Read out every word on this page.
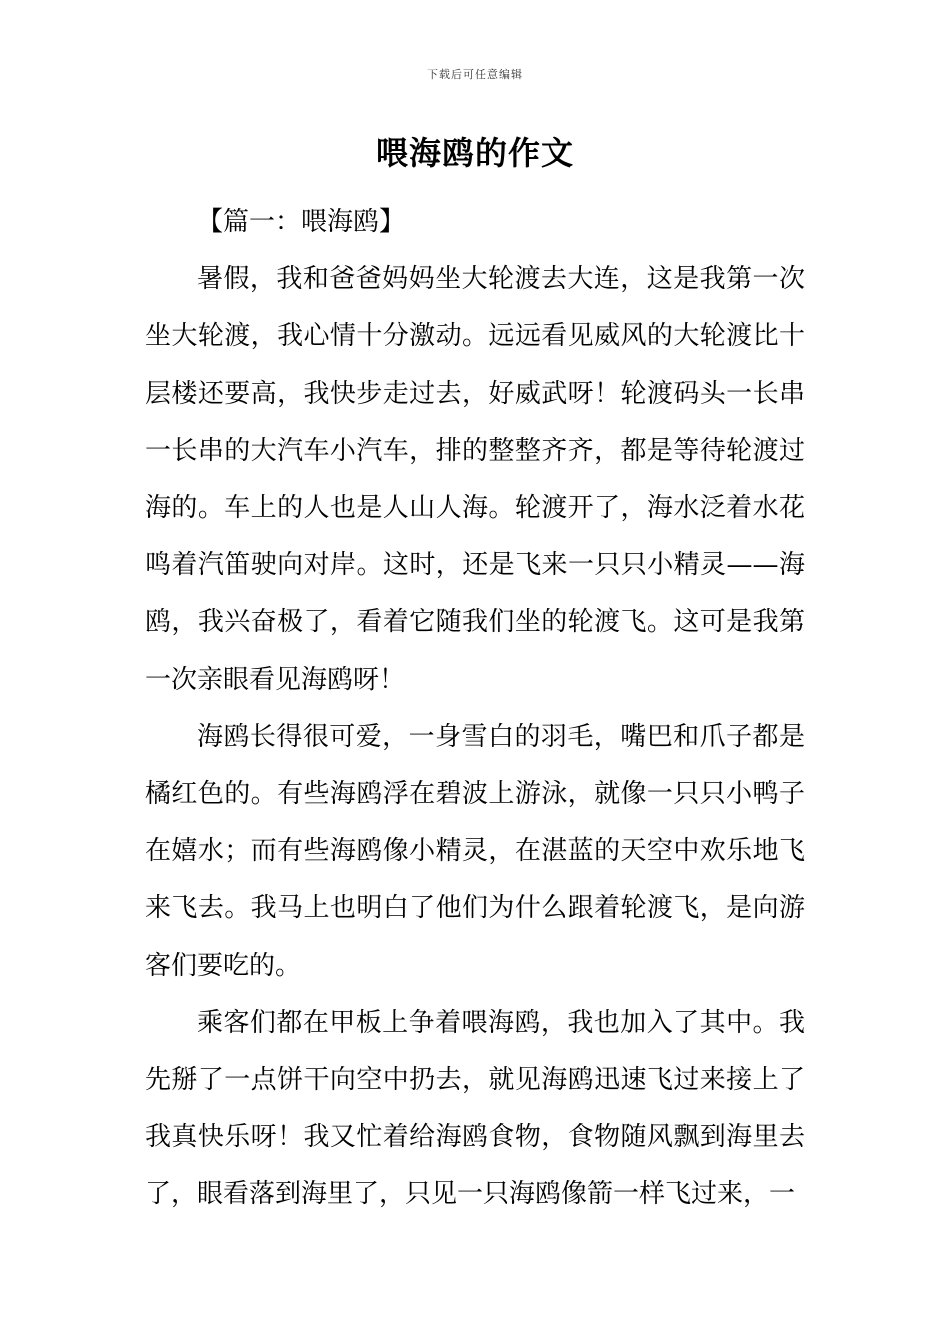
下载后可任意编辑
喂海鸥的作文

【篇一：喂海鸥】

暑假，我和爸爸妈妈坐大轮渡去大连，这是我第一次坐大轮渡，我心情十分激动。远远看见威风的大轮渡比十层楼还要高，我快步走过去，好威武呀！轮渡码头一长串一长串的大汽车小汽车，排的整整齐齐，都是等待轮渡过海的。车上的人也是人山人海。轮渡开了，海水泛着水花鸣着汽笛驶向对岸。这时，还是飞来一只只小精灵——海鸥，我兴奋极了，看着它随我们坐的轮渡飞。这可是我第一次亲眼看见海鸥呀！

海鸥长得很可爱，一身雪白的羽毛，嘴巴和爪子都是橘红色的。有些海鸥浮在碧波上游泳，就像一只只小鸭子在嬉水；而有些海鸥像小精灵，在湛蓝的天空中欢乐地飞来飞去。我马上也明白了他们为什么跟着轮渡飞，是向游客们要吃的。

乘客们都在甲板上争着喂海鸥，我也加入了其中。我先掰了一点饼干向空中扔去，就见海鸥迅速飞过来接上了我真快乐呀！我又忙着给海鸥食物，食物随风飘到海里去了，眼看落到海里了，只见一只海鸥像箭一样飞过来，一
